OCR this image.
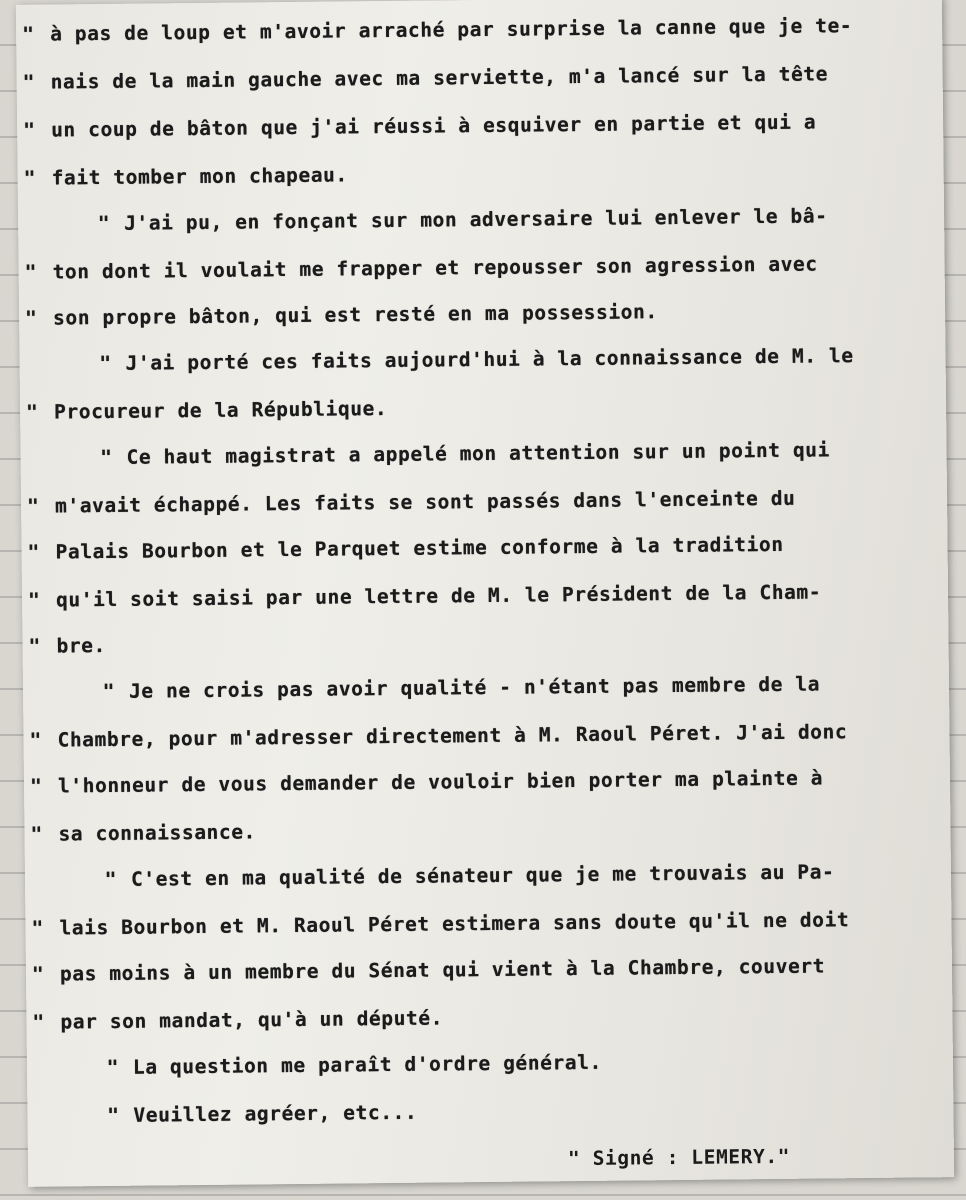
" à pas de loup et m'avoir arraché par surprise la canne que je te-
" nais de la main gauche avec ma serviette, m'a lancé sur la tête
" un coup de bâton que j'ai réussi à esquiver en partie et qui a
" fait tomber mon chapeau.
" J'ai pu, en fonçant sur mon adversaire lui enlever le bâ-
" ton dont il voulait me frapper et repousser son agression avec
" son propre bâton, qui est resté en ma possession.
" J'ai porté ces faits aujourd'hui à la connaissance de M. le
" Procureur de la République.
" Ce haut magistrat a appelé mon attention sur un point qui
" m'avait échappé. Les faits se sont passés dans l'enceinte du
" Palais Bourbon et le Parquet estime conforme à la tradition
" qu'il soit saisi par une lettre de M. le Président de la Cham-
" bre.
" Je ne crois pas avoir qualité - n'étant pas membre de la
" Chambre, pour m'adresser directement à M. Raoul Péret. J'ai donc
" l'honneur de vous demander de vouloir bien porter ma plainte à
" sa connaissance.
" C'est en ma qualité de sénateur que je me trouvais au Pa-
" lais Bourbon et M. Raoul Péret estimera sans doute qu'il ne doit
" pas moins à un membre du Sénat qui vient à la Chambre, couvert
" par son mandat, qu'à un député.
" La question me paraît d'ordre général.
" Veuillez agréer, etc...
" Signé : LEMERY."
